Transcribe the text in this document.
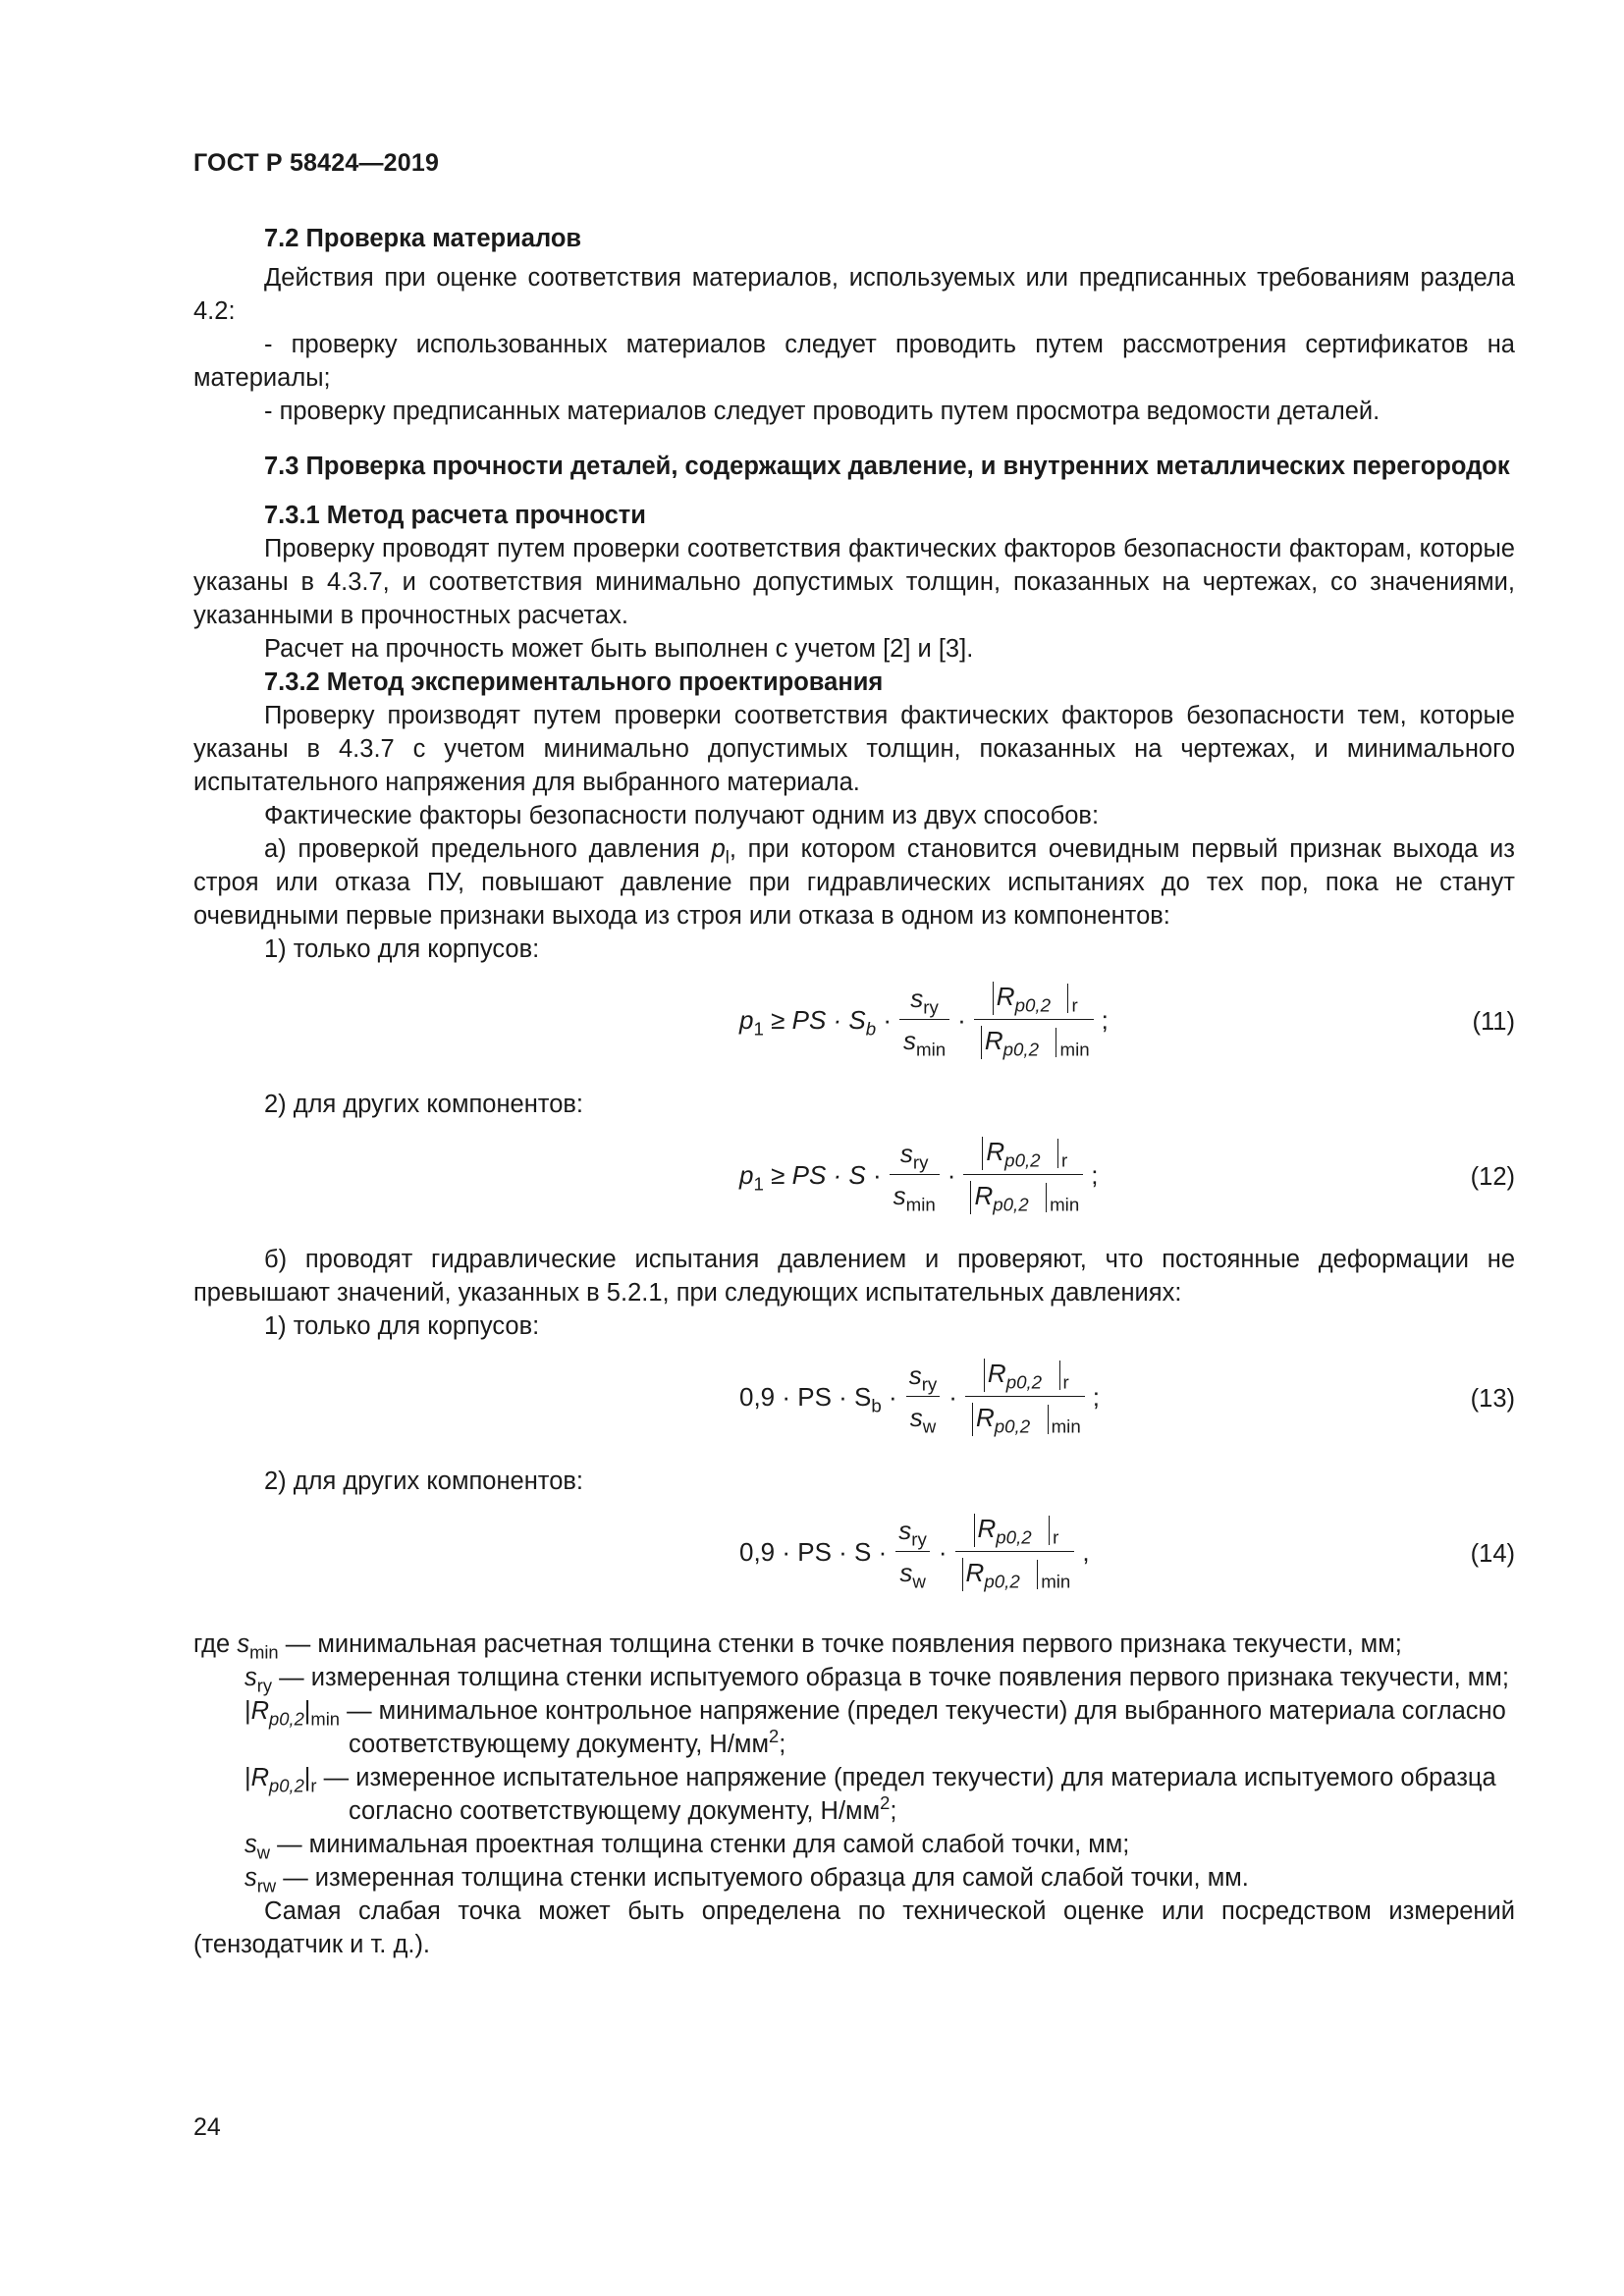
ГОСТ Р 58424—2019

7.2 Проверка материалов

Действия при оценке соответствия материалов, используемых или предписанных требованиям раздела 4.2:

- проверку использованных материалов следует проводить путем рассмотрения сертификатов на материалы;

- проверку предписанных материалов следует проводить путем просмотра ведомости деталей.

7.3 Проверка прочности деталей, содержащих давление, и внутренних металлических перегородок

7.3.1 Метод расчета прочности

Проверку проводят путем проверки соответствия фактических факторов безопасности факторам, которые указаны в 4.3.7, и соответствия минимально допустимых толщин, показанных на чертежах, со значениями, указанными в прочностных расчетах.

Расчет на прочность может быть выполнен с учетом [2] и [3].

7.3.2 Метод экспериментального проектирования

Проверку производят путем проверки соответствия фактических факторов безопасности тем, которые указаны в 4.3.7 с учетом минимально допустимых толщин, показанных на чертежах, и минимального испытательного напряжения для выбранного материала.

Фактические факторы безопасности получают одним из двух способов:

а) проверкой предельного давления $p_l$, при котором становится очевидным первый признак выхода из строя или отказа ПУ, повышают давление при гидравлических испытаниях до тех пор, пока не станут очевидными первые признаки выхода из строя или отказа в одном из компонентов:

1) только для корпусов:

$p_1$ ≥ PS · $S_b \cdot \frac{s_{ry}}{s_{min}} \cdot \frac{R_{p0,2} _r}{R_{p0,2} _{min}}$ ;	(11)

2) для других компонентов:

$p_1$ ≥ PS · $S \cdot \frac{s_{ry}}{s_{min}} \cdot \frac{R_{p0,2} _r}{R_{p0,2} _{min}}$ ;	(12)

б) проводят гидравлические испытания давлением и проверяют, что постоянные деформации не превышают значений, указанных в 5.2.1, при следующих испытательных давлениях:

1) только для корпусов:

0,9 · PS · $S_b \cdot \frac{s_{ry}}{s_w} \cdot \frac{R_{p0,2} _r}{R_{p0,2} _{min}}$ ;	(13)

2) для других компонентов:

0,9 · PS · $S \cdot \frac{s_{ry}}{s_w} \cdot \frac{R_{p0,2} _r}{R_{p0,2} _{min}}$ ,	(14)

где $s_{min}$ — минимальная расчетная толщина стенки в точке появления первого признака текучести, мм;

$s_{ry}$ — измеренная толщина стенки испытуемого образца в точке появления первого признака текучести, мм;

$|R_{p0,2}|_{min}$ — минимальное контрольное напряжение (предел текучести) для выбранного материала согласно соответствующему документу, $Н/мм^2$;

$|R_{p0,2}|_r$ — измеренное испытательное напряжение (предел текучести) для материала испытуемого образца согласно соответствующему документу, $Н/мм^2$;

$s_w$ — минимальная проектная толщина стенки для самой слабой точки, мм;

$s_{rw}$ — измеренная толщина стенки испытуемого образца для самой слабой точки, мм.

Самая слабая точка может быть определена по технической оценке или посредством измерений (тензодатчик и т. д.).

24
